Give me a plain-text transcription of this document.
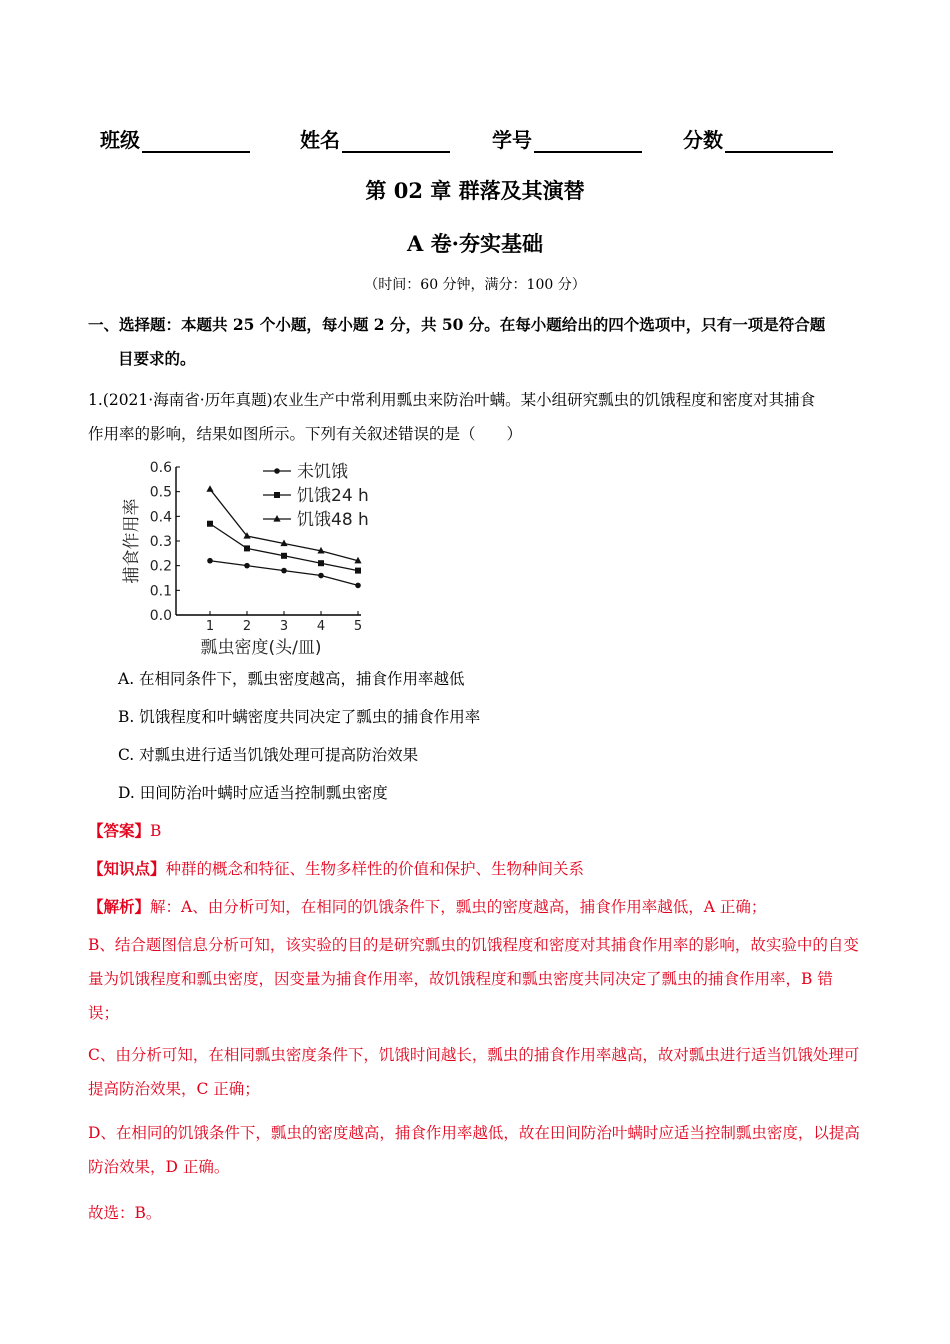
班级	姓名	学号	分数
第 02 章 群落及其演替
A 卷·夯实基础
（时间：60 分钟，满分：100 分）

一、选择题：本题共 25 个小题，每小题 2 分，共 50 分。在每小题给出的四个选项中，只有一项是符合题
目要求的。

1.(2021·海南省·历年真题)农业生产中常利用瓢虫来防治叶螨。某小组研究瓢虫的饥饿程度和密度对其捕食
作用率的影响，结果如图所示。下列有关叙述错误的是（　　）

0.0
0.1
0.2
0.3
0.4
0.5
0.6
1 2 3 4 5
瓢虫密度(头/皿)
捕食作用率
未饥饿
饥饿24 h
饥饿48 h

A. 在相同条件下，瓢虫密度越高，捕食作用率越低

B. 饥饿程度和叶螨密度共同决定了瓢虫的捕食作用率

C. 对瓢虫进行适当饥饿处理可提高防治效果

D. 田间防治叶螨时应适当控制瓢虫密度

【答案】B

【知识点】种群的概念和特征、生物多样性的价值和保护、生物种间关系

【解析】解：A、由分析可知，在相同的饥饿条件下，瓢虫的密度越高，捕食作用率越低，A 正确；

B、结合题图信息分析可知，该实验的目的是研究瓢虫的饥饿程度和密度对其捕食作用率的影响，故实验中的自变量为饥饿程度和瓢虫密度，因变量为捕食作用率，故饥饿程度和瓢虫密度共同决定了瓢虫的捕食作用率，B 错误；

C、由分析可知，在相同瓢虫密度条件下，饥饿时间越长，瓢虫的捕食作用率越高，故对瓢虫进行适当饥饿处理可提高防治效果，C 正确；

D、在相同的饥饿条件下，瓢虫的密度越高，捕食作用率越低，故在田间防治叶螨时应适当控制瓢虫密度，以提高防治效果，D 正确。

故选：B。
